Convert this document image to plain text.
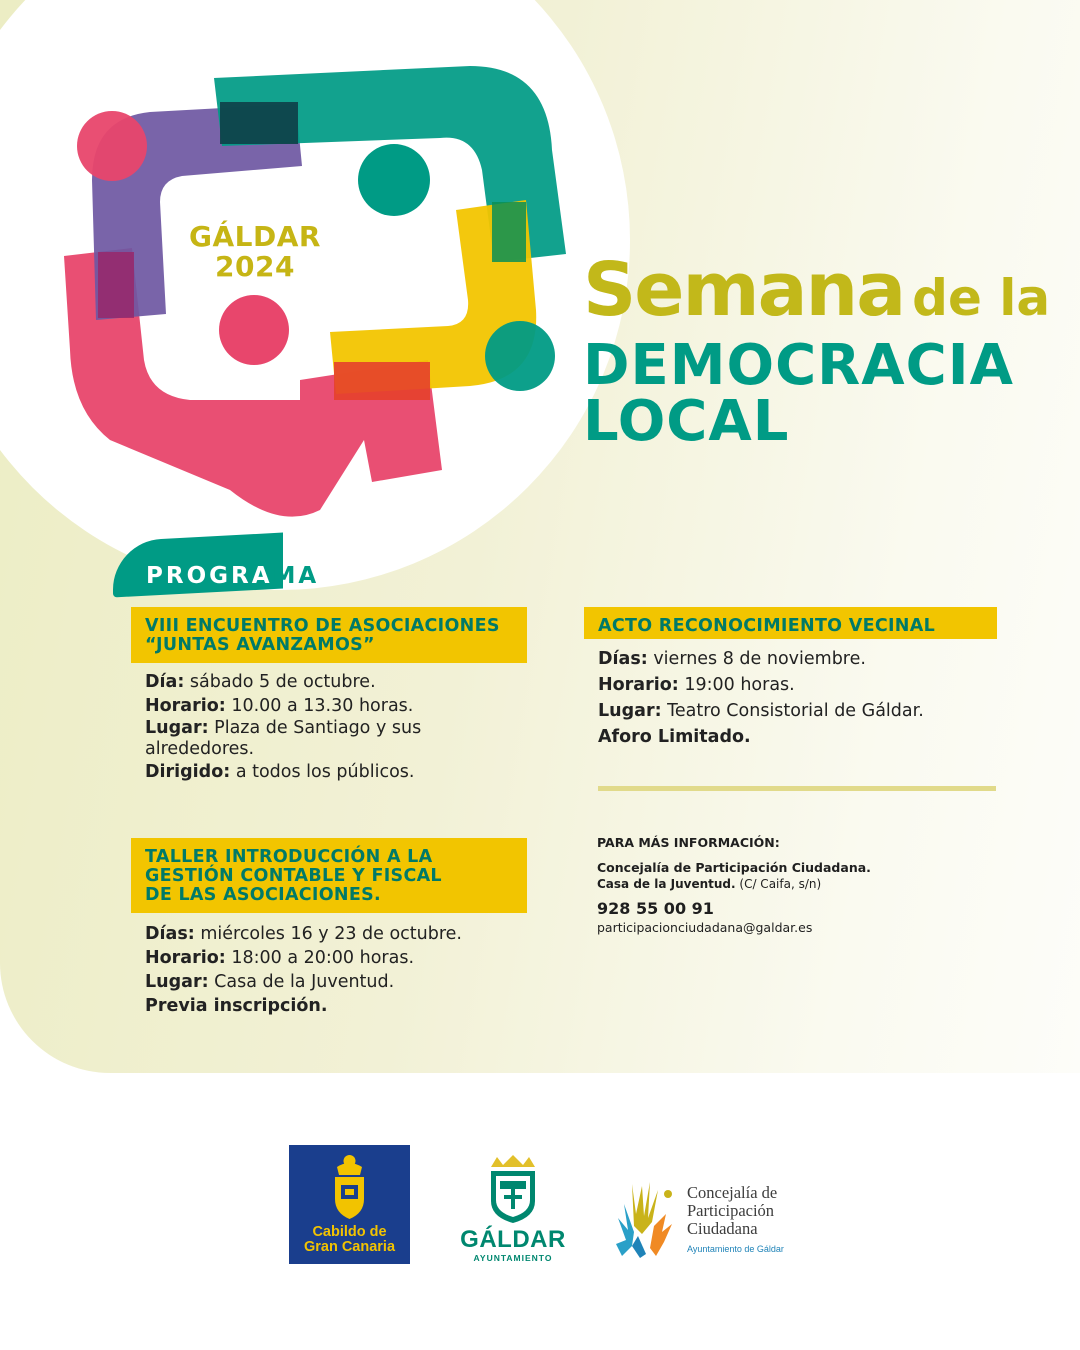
GÁLDAR
2024	Semana de la
DEMOCRACIA
LOCAL
PROGRAMA
VIII ENCUENTRO DE ASOCIACIONES
“JUNTAS AVANZAMOS”
Día: sábado 5 de octubre.
Horario: 10.00 a 13.30 horas.
Lugar: Plaza de Santiago y sus
alrededores.
Dirigido: a todos los públicos.
TALLER INTRODUCCIÓN A LA
GESTIÓN CONTABLE Y FISCAL
DE LAS ASOCIACIONES.
Días: miércoles 16 y 23 de octubre.
Horario: 18:00 a 20:00 horas.
Lugar: Casa de la Juventud.
Previa inscripción.
ACTO RECONOCIMIENTO VECINAL
Días: viernes 8 de noviembre.
Horario: 19:00 horas.
Lugar: Teatro Consistorial de Gáldar.
Aforo Limitado.
PARA MÁS INFORMACIÓN:
Concejalía de Participación Ciudadana.
Casa de la Juventud. (C/ Caifa, s/n)
928 55 00 91
participacionciudadana@galdar.es
Cabildo de
Gran Canaria	GÁLDAR
AYUNTAMIENTO
Concejalía de
Participación
Ciudadana
Ayuntamiento de Gáldar
